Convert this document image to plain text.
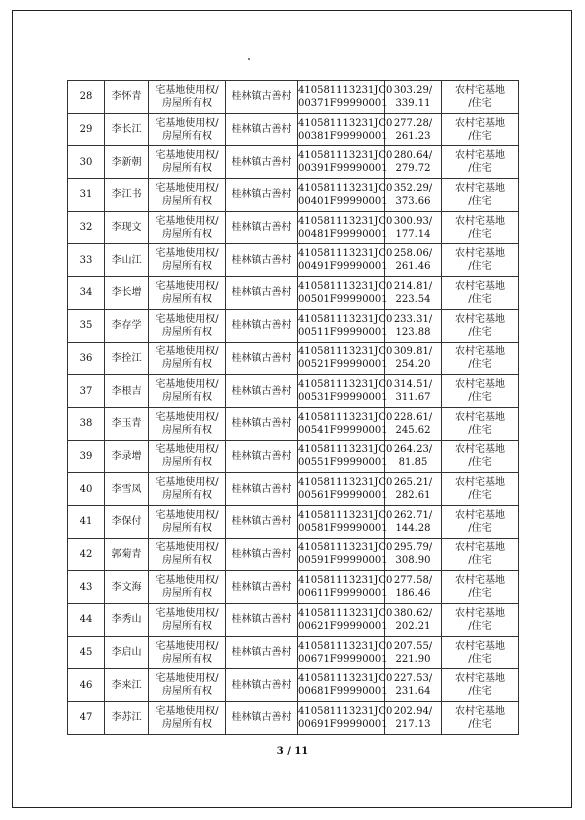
28	李怀青	宅基地使用权/
房屋所有权	桂林镇古善村	410581113231JC0
00371F99990001	303.29/
339.11	农村宅基地
/住宅
29	李长江	宅基地使用权/
房屋所有权	桂林镇古善村	410581113231JC0
00381F99990001	277.28/
261.23	农村宅基地
/住宅
30	李新朝	宅基地使用权/
房屋所有权	桂林镇古善村	410581113231JC0
00391F99990001	280.64/
279.72	农村宅基地
/住宅
31	李江书	宅基地使用权/
房屋所有权	桂林镇古善村	410581113231JC0
00401F99990001	352.29/
373.66	农村宅基地
/住宅
32	李现文	宅基地使用权/
房屋所有权	桂林镇古善村	410581113231JC0
00481F99990001	300.93/
177.14	农村宅基地
/住宅
33	李山江	宅基地使用权/
房屋所有权	桂林镇古善村	410581113231JC0
00491F99990001	258.06/
261.46	农村宅基地
/住宅
34	李长增	宅基地使用权/
房屋所有权	桂林镇古善村	410581113231JC0
00501F99990001	214.81/
223.54	农村宅基地
/住宅
35	李存学	宅基地使用权/
房屋所有权	桂林镇古善村	410581113231JC0
00511F99990001	233.31/
123.88	农村宅基地
/住宅
36	李拴江	宅基地使用权/
房屋所有权	桂林镇古善村	410581113231JC0
00521F99990001	309.81/
254.20	农村宅基地
/住宅
37	李根吉	宅基地使用权/
房屋所有权	桂林镇古善村	410581113231JC0
00531F99990001	314.51/
311.67	农村宅基地
/住宅
38	李玉青	宅基地使用权/
房屋所有权	桂林镇古善村	410581113231JC0
00541F99990001	228.61/
245.62	农村宅基地
/住宅
39	李录增	宅基地使用权/
房屋所有权	桂林镇古善村	410581113231JC0
00551F99990001	264.23/
81.85	农村宅基地
/住宅
40	李雪凤	宅基地使用权/
房屋所有权	桂林镇古善村	410581113231JC0
00561F99990001	265.21/
282.61	农村宅基地
/住宅
41	李保付	宅基地使用权/
房屋所有权	桂林镇古善村	410581113231JC0
00581F99990001	262.71/
144.28	农村宅基地
/住宅
42	郭菊青	宅基地使用权/
房屋所有权	桂林镇古善村	410581113231JC0
00591F99990001	295.79/
308.90	农村宅基地
/住宅
43	李文海	宅基地使用权/
房屋所有权	桂林镇古善村	410581113231JC0
00611F99990001	277.58/
186.46	农村宅基地
/住宅
44	李秀山	宅基地使用权/
房屋所有权	桂林镇古善村	410581113231JC0
00621F99990001	380.62/
202.21	农村宅基地
/住宅
45	李启山	宅基地使用权/
房屋所有权	桂林镇古善村	410581113231JC0
00671F99990001	207.55/
221.90	农村宅基地
/住宅
46	李来江	宅基地使用权/
房屋所有权	桂林镇古善村	410581113231JC0
00681F99990001	227.53/
231.64	农村宅基地
/住宅
47	李苏江	宅基地使用权/
房屋所有权	桂林镇古善村	410581113231JC0
00691F99990001	202.94/
217.13	农村宅基地
/住宅
3 / 11
